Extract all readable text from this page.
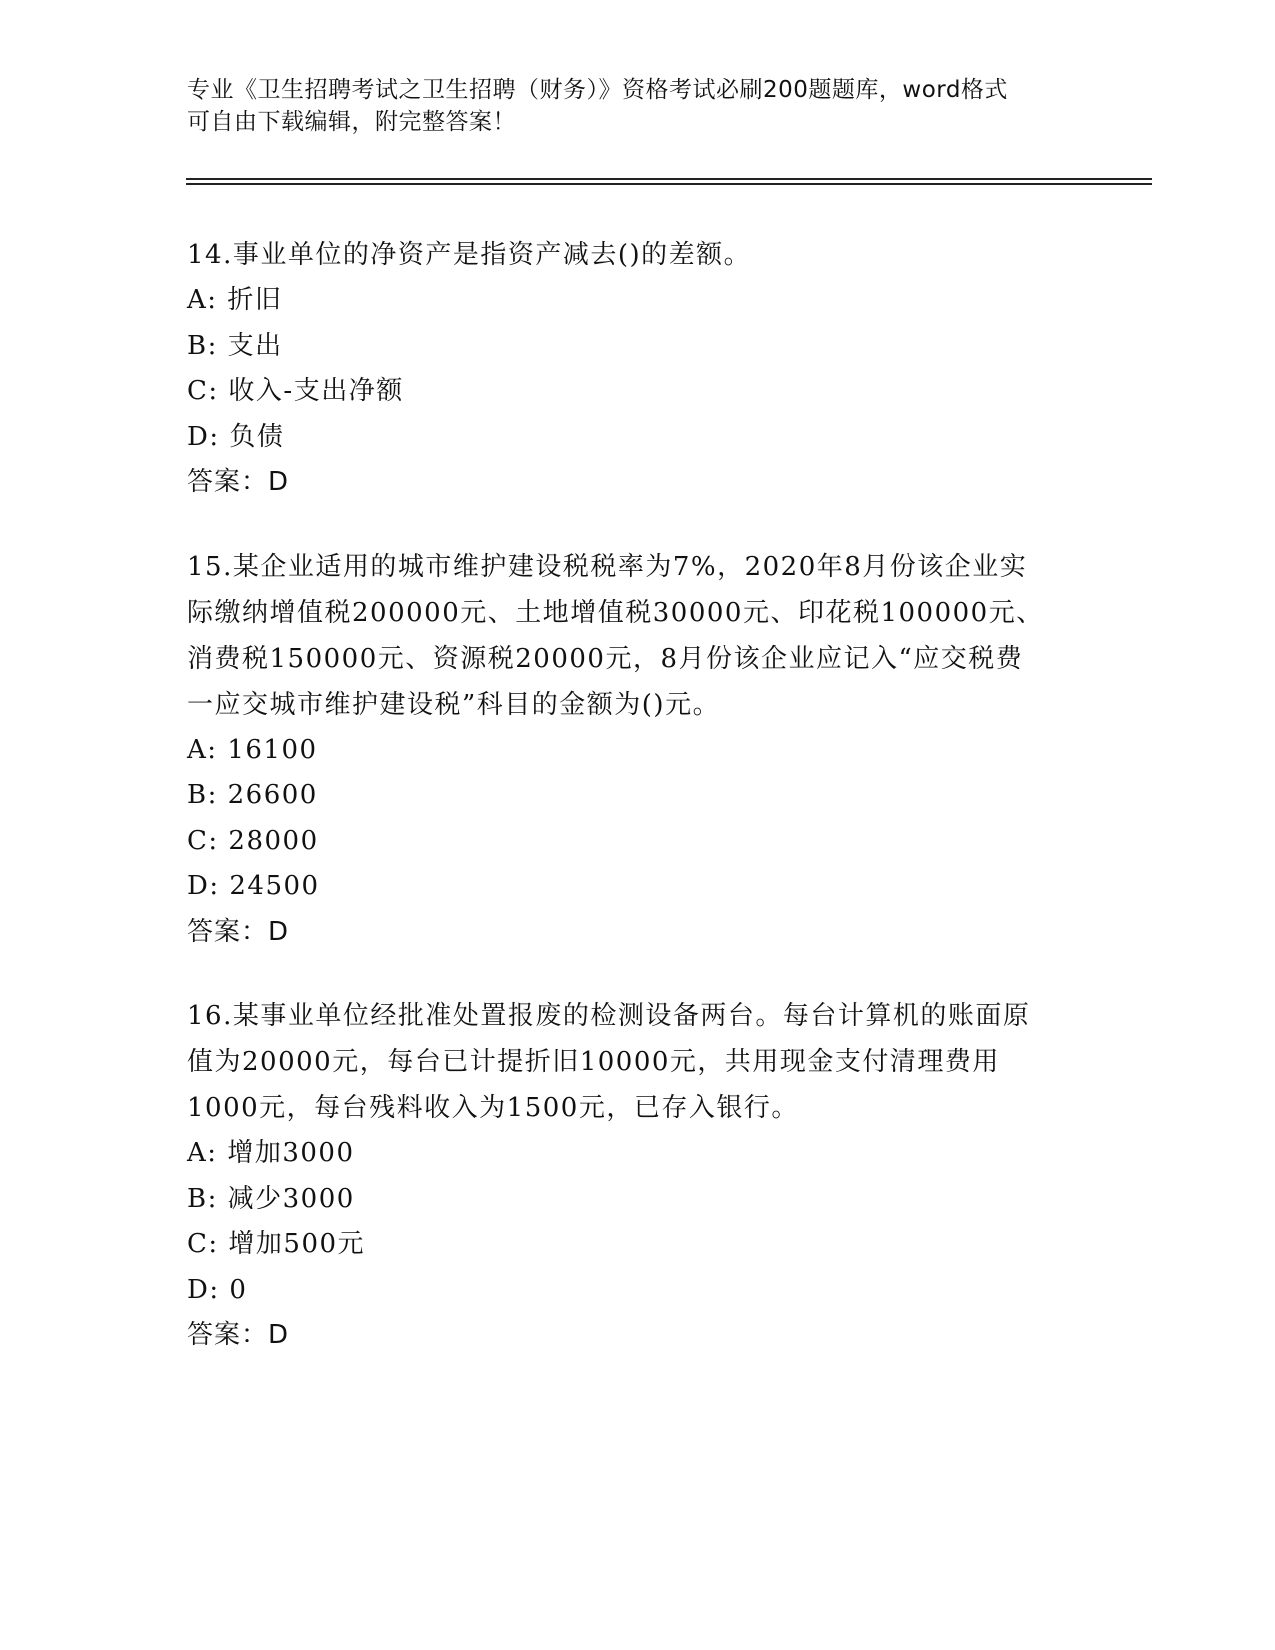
专业《卫生招聘考试之卫生招聘（财务）》资格考试必刷200题题库，word格式
可自由下载编辑，附完整答案！
14.事业单位的净资产是指资产减去()的差额。
A: 折旧
B: 支出
C: 收入-支出净额
D: 负债
答案：D
15.某企业适用的城市维护建设税税率为7%，2020年8月份该企业实
际缴纳增值税200000元、土地增值税30000元、印花税100000元、
消费税150000元、资源税20000元，8月份该企业应记入“应交税费
一应交城市维护建设税”科目的金额为()元。
A: 16100
B: 26600
C: 28000
D: 24500
答案：D
16.某事业单位经批准处置报废的检测设备两台。每台计算机的账面原
值为20000元，每台已计提折旧10000元，共用现金支付清理费用
1000元，每台残料收入为1500元，已存入银行。
A: 增加3000
B: 减少3000
C: 增加500元
D: 0
答案：D
